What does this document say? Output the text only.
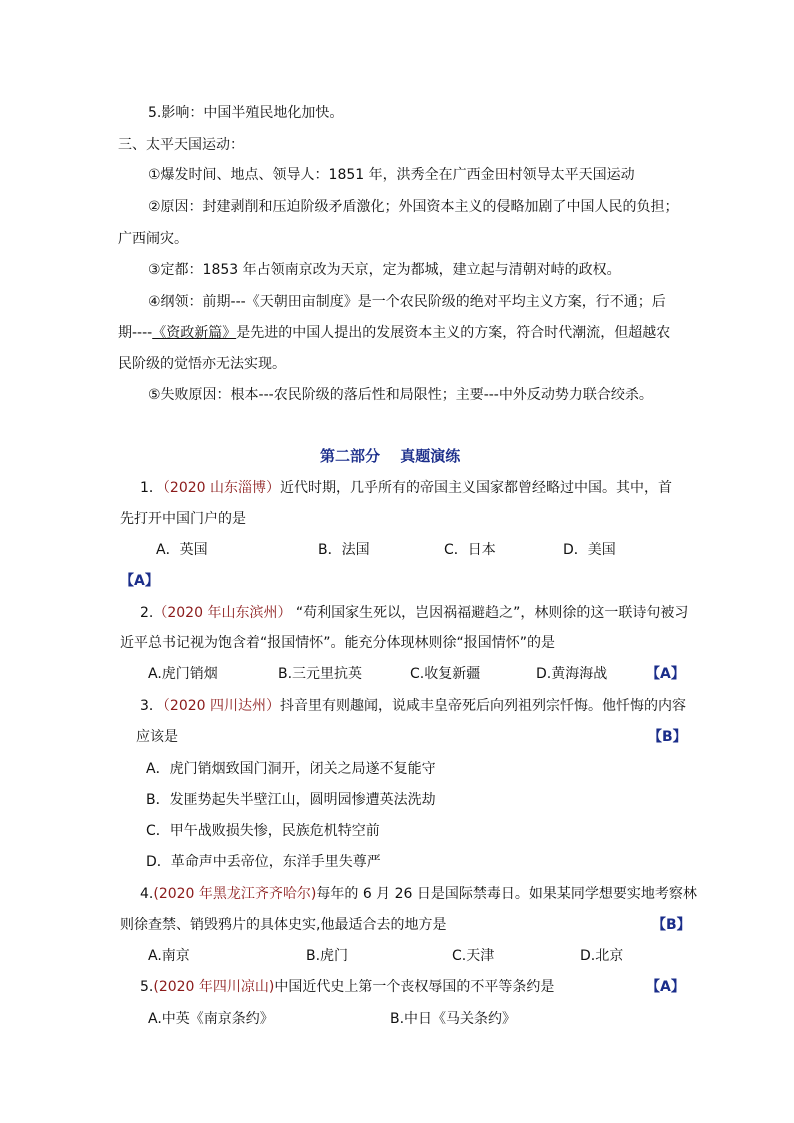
5.影响：中国半殖民地化加快。
三、太平天国运动：
①爆发时间、地点、领导人：1851 年，洪秀全在广西金田村领导太平天国运动
②原因：封建剥削和压迫阶级矛盾激化；外国资本主义的侵略加剧了中国人民的负担；
广西闹灾。
③定都：1853 年占领南京改为天京，定为都城，建立起与清朝对峙的政权。
④纲领：前期---《天朝田亩制度》是一个农民阶级的绝对平均主义方案，行不通；后
期----《资政新篇》是先进的中国人提出的发展资本主义的方案，符合时代潮流，但超越农
民阶级的觉悟亦无法实现。
⑤失败原因：根本---农民阶级的落后性和局限性；主要---中外反动势力联合绞杀。
第二部分　 真题演练
1．（2020 山东淄博）近代时期，几乎所有的帝国主义国家都曾经略过中国。其中，首
先打开中国门户的是
A．英国	B．法国	C．日本	D．美国
【A】
2.（2020 年山东滨州） “苟利国家生死以，岂因祸福避趋之”，林则徐的这一联诗句被习
近平总书记视为饱含着“报国情怀”。能充分体现林则徐“报国情怀”的是
A.虎门销烟	B.三元里抗英	C.收复新疆	D.黄海海战	【A】
3．（2020 四川达州）抖音里有则趣闻，说咸丰皇帝死后向列祖列宗忏悔。他忏悔的内容
应该是	【B】
A．虎门销烟致国门洞开，闭关之局遂不复能守
B．发匪势起失半壁江山，圆明园惨遭英法洗劫
C．甲午战败损失惨，民族危机特空前
D．革命声中丢帝位，东洋手里失尊严
4.(2020 年黑龙江齐齐哈尔)每年的 6 月 26 日是国际禁毒日。如果某同学想要实地考察林
则徐查禁、销毁鸦片的具体史实,他最适合去的地方是	【B】
A.南京	B.虎门	C.天津	D.北京
5.(2020 年四川凉山)中国近代史上第一个丧权辱国的不平等条约是	【A】
A.中英《南京条约》	B.中日《马关条约》
